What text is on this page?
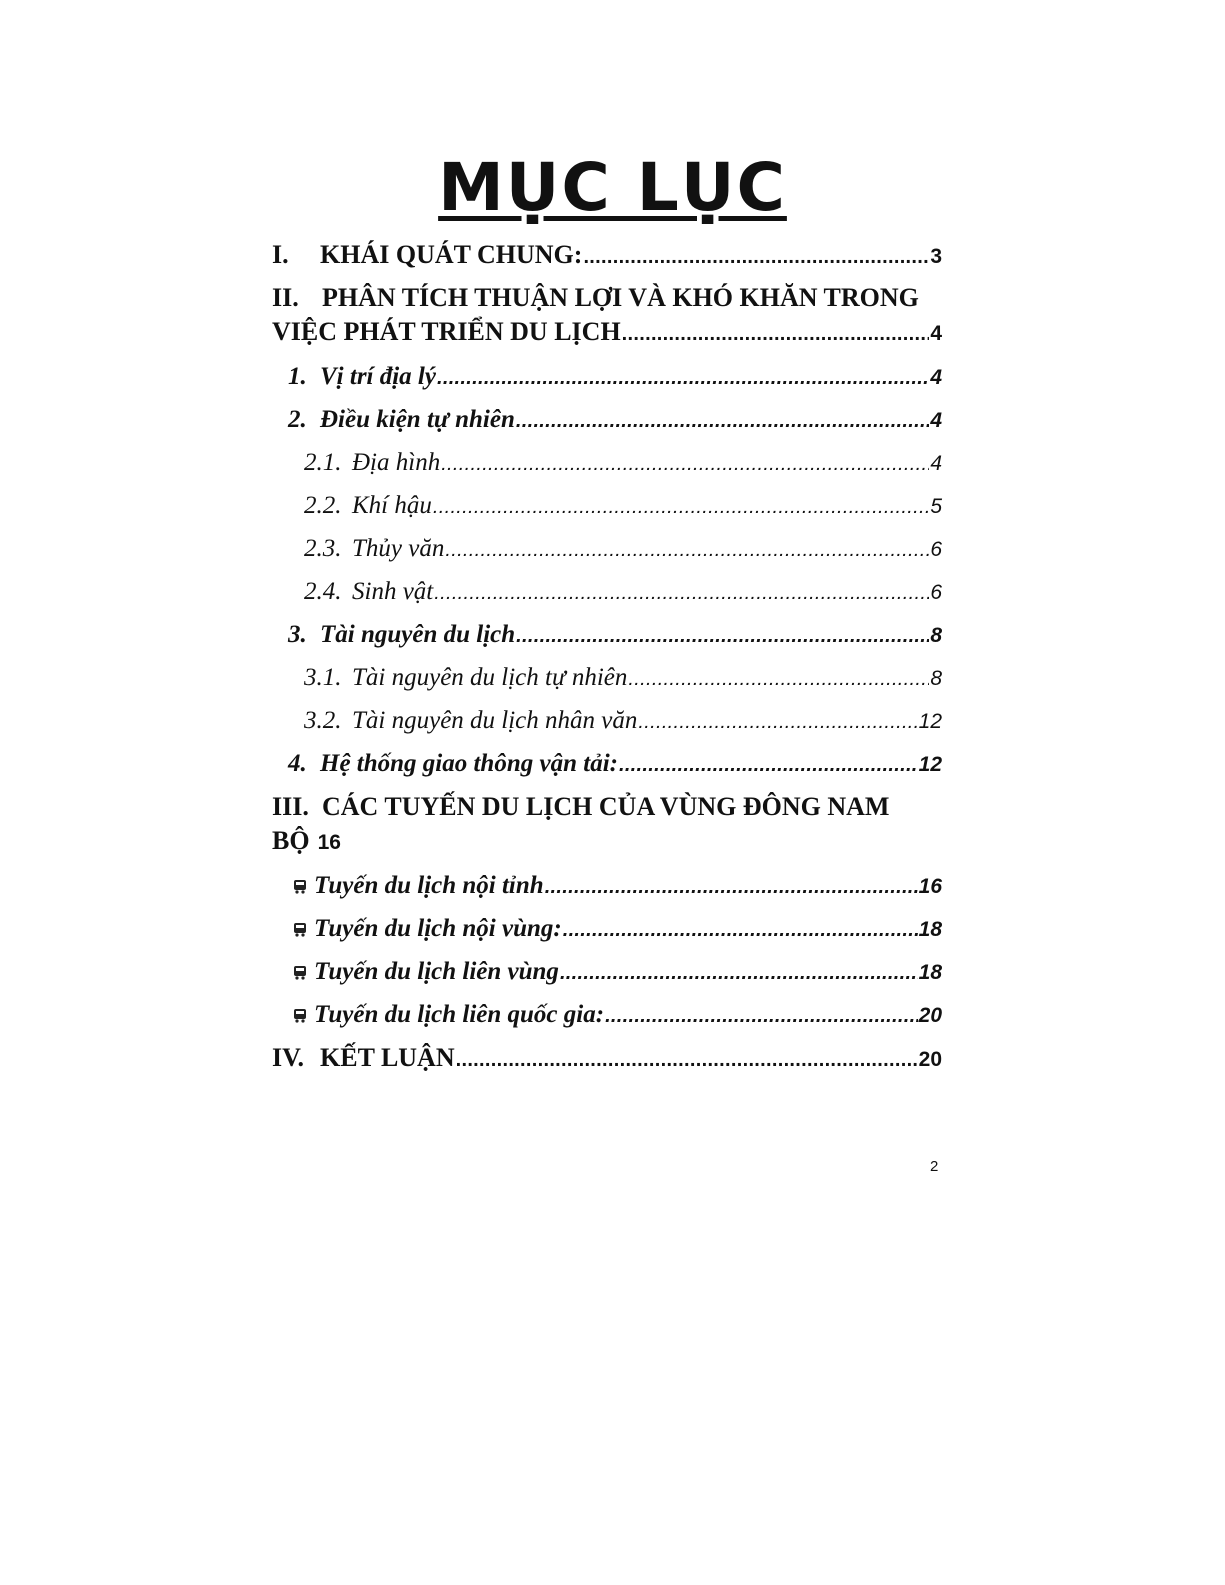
MỤC LỤC
I.	KHÁI QUÁT CHUNG: .....	3
II. PHÂN TÍCH THUẬN LỢI VÀ KHÓ KHĂN TRONG
VIỆC PHÁT TRIỂN DU LỊCH .....	4
1. Vị trí địa lý .....	4
2. Điều kiện tự nhiên .....	4
2.1. Địa hình .....	4
2.2. Khí hậu .....	5
2.3. Thủy văn .....	6
2.4. Sinh vật .....	6
3. Tài nguyên du lịch .....	8
3.1. Tài nguyên du lịch tự nhiên .....	8
3.2. Tài nguyên du lịch nhân văn .....	12
4. Hệ thống giao thông vận tải: .....	12
III. CÁC TUYẾN DU LỊCH CỦA VÙNG ĐÔNG NAM
BỘ 16
Tuyến du lịch nội tỉnh .....	16
Tuyến du lịch nội vùng: .....	18
Tuyến du lịch liên vùng .....	18
Tuyến du lịch liên quốc gia: .....	20
IV. KẾT LUẬN .....	20
2
